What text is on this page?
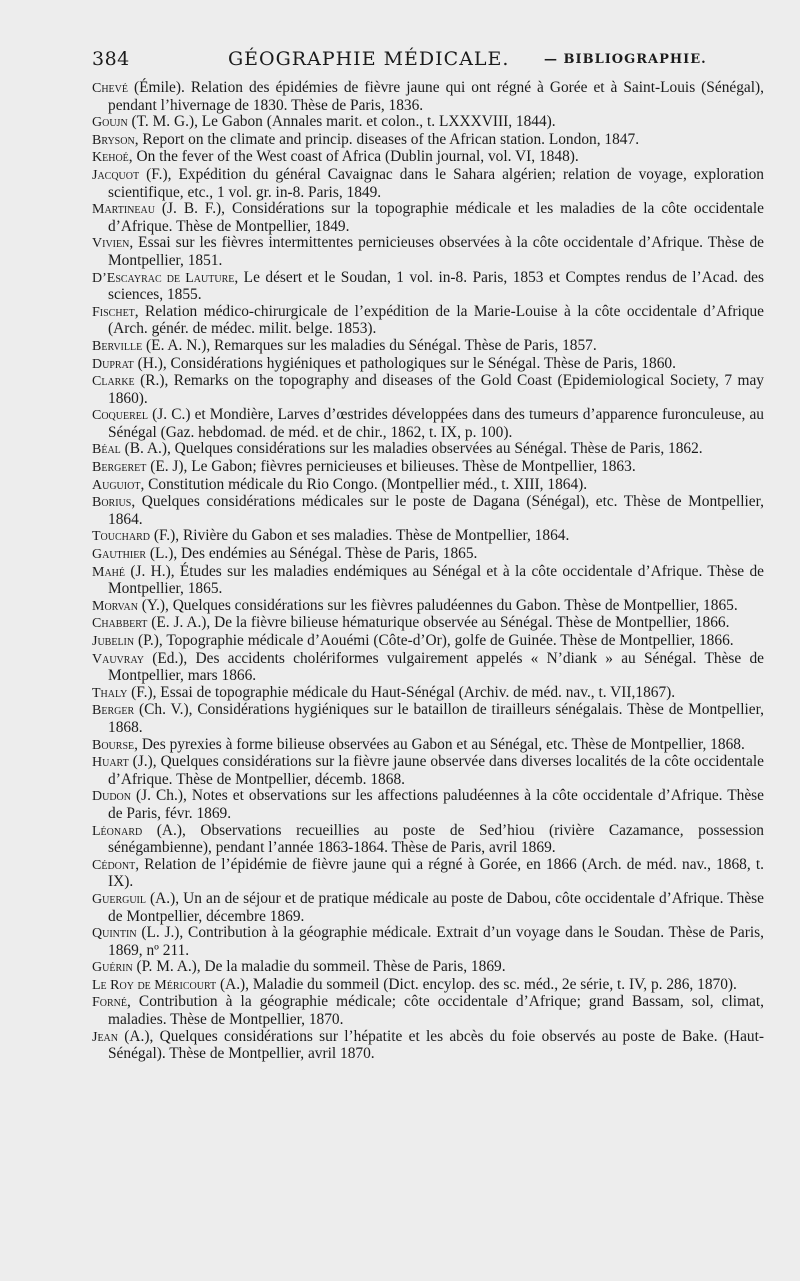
384	GÉOGRAPHIE MÉDICALE.	— BIBLIOGRAPHIE.
Chevé (Émile). Relation des épidémies de fièvre jaune qui ont régné à Gorée et à Saint-Louis (Sénégal), pendant l’hivernage de 1830. Thèse de Paris, 1836.
Goujn (T. M. G.), Le Gabon (Annales marit. et colon., t. LXXXVIII, 1844).
Bryson, Report on the climate and princip. diseases of the African station. London, 1847.
Kehoé, On the fever of the West coast of Africa (Dublin journal, vol. VI, 1848).
Jacquot (F.), Expédition du général Cavaignac dans le Sahara algérien; relation de voyage, exploration scientifique, etc., 1 vol. gr. in-8. Paris, 1849.
Martineau (J. B. F.), Considérations sur la topographie médicale et les maladies de la côte occidentale d’Afrique. Thèse de Montpellier, 1849.
Vivien, Essai sur les fièvres intermittentes pernicieuses observées à la côte occidentale d’Afrique. Thèse de Montpellier, 1851.
D’Escayrac de Lauture, Le désert et le Soudan, 1 vol. in-8. Paris, 1853 et Comptes rendus de l’Acad. des sciences, 1855.
Fischet, Relation médico-chirurgicale de l’expédition de la Marie-Louise à la côte occidentale d’Afrique (Arch. génér. de médec. milit. belge. 1853).
Berville (E. A. N.), Remarques sur les maladies du Sénégal. Thèse de Paris, 1857.
Duprat (H.), Considérations hygiéniques et pathologiques sur le Sénégal. Thèse de Paris, 1860.
Clarke (R.), Remarks on the topography and diseases of the Gold Coast (Epidemiological Society, 7 may 1860).
Coquerel (J. C.) et Mondière, Larves d’œstrides développées dans des tumeurs d’apparence furonculeuse, au Sénégal (Gaz. hebdomad. de méd. et de chir., 1862, t. IX, p. 100).
Béal (B. A.), Quelques considérations sur les maladies observées au Sénégal. Thèse de Paris, 1862.
Bergeret (E. J), Le Gabon; fièvres pernicieuses et bilieuses. Thèse de Montpellier, 1863.
Auguiot, Constitution médicale du Rio Congo. (Montpellier méd., t. XIII, 1864).
Borius, Quelques considérations médicales sur le poste de Dagana (Sénégal), etc. Thèse de Montpellier, 1864.
Touchard (F.), Rivière du Gabon et ses maladies. Thèse de Montpellier, 1864.
Gauthier (L.), Des endémies au Sénégal. Thèse de Paris, 1865.
Mahé (J. H.), Études sur les maladies endémiques au Sénégal et à la côte occidentale d’Afrique. Thèse de Montpellier, 1865.
Morvan (Y.), Quelques considérations sur les fièvres paludéennes du Gabon. Thèse de Montpellier, 1865.
Chabbert (E. J. A.), De la fièvre bilieuse hématurique observée au Sénégal. Thèse de Montpellier, 1866.
Jubelin (P.), Topographie médicale d’Aouémi (Côte-d’Or), golfe de Guinée. Thèse de Montpellier, 1866.
Vauvray (Ed.), Des accidents cholériformes vulgairement appelés « N’diank » au Sénégal. Thèse de Montpellier, mars 1866.
Thaly (F.), Essai de topographie médicale du Haut-Sénégal (Archiv. de méd. nav., t. VII,1867).
Berger (Ch. V.), Considérations hygiéniques sur le bataillon de tirailleurs sénégalais. Thèse de Montpellier, 1868.
Bourse, Des pyrexies à forme bilieuse observées au Gabon et au Sénégal, etc. Thèse de Montpellier, 1868.
Huart (J.), Quelques considérations sur la fièvre jaune observée dans diverses localités de la côte occidentale d’Afrique. Thèse de Montpellier, décemb. 1868.
Dudon (J. Ch.), Notes et observations sur les affections paludéennes à la côte occidentale d’Afrique. Thèse de Paris, févr. 1869.
Léonard (A.), Observations recueillies au poste de Sed’hiou (rivière Cazamance, possession sénégambienne), pendant l’année 1863-1864. Thèse de Paris, avril 1869.
Cédont, Relation de l’épidémie de fièvre jaune qui a régné à Gorée, en 1866 (Arch. de méd. nav., 1868, t. IX).
Guerguil (A.), Un an de séjour et de pratique médicale au poste de Dabou, côte occidentale d’Afrique. Thèse de Montpellier, décembre 1869.
Quintin (L. J.), Contribution à la géographie médicale. Extrait d’un voyage dans le Soudan. Thèse de Paris, 1869, nº 211.
Guérin (P. M. A.), De la maladie du sommeil. Thèse de Paris, 1869.
Le Roy de Méricourt (A.), Maladie du sommeil (Dict. encylop. des sc. méd., 2e série, t. IV, p. 286, 1870).
Forné, Contribution à la géographie médicale; côte occidentale d’Afrique; grand Bassam, sol, climat, maladies. Thèse de Montpellier, 1870.
Jean (A.), Quelques considérations sur l’hépatite et les abcès du foie observés au poste de Bake. (Haut-Sénégal). Thèse de Montpellier, avril 1870.
